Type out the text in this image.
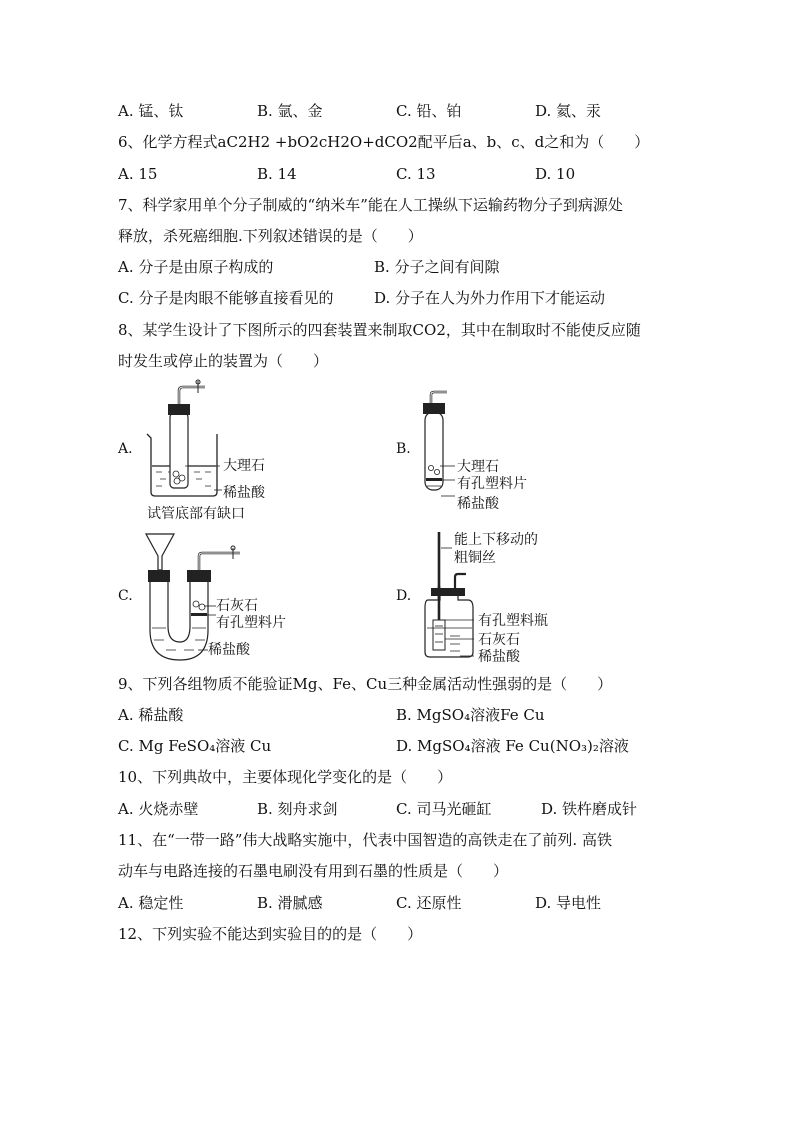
A. 锰、钛	B. 氩、金	C. 铅、铂	D. 氦、汞
6、化学方程式aC2H2 +bO2cH2O+dCO2配平后a、b、c、d之和为（　　）
A. 15	B. 14	C. 13	D. 10
7、科学家用单个分子制威的“纳米车”能在人工操纵下运输药物分子到病源处
释放，杀死癌细胞.下列叙述错误的是（　　）
A. 分子是由原子构成的	B. 分子之间有间隙
C. 分子是肉眼不能够直接看见的	D. 分子在人为外力作用下才能运动
8、某学生设计了下图所示的四套装置来制取CO2，其中在制取时不能使反应随
时发生或停止的装置为（　　）
A.
大理石
稀盐酸
试管底部有缺口
B.
大理石
有孔塑料片
稀盐酸
C.
石灰石
有孔塑料片
稀盐酸
D.
能上下移动的
粗铜丝
有孔塑料瓶
石灰石
稀盐酸
9、下列各组物质不能验证Mg、Fe、Cu三种金属活动性强弱的是（　　）
A. 稀盐酸	B. MgSO₄溶液Fe Cu
C. Mg FeSO₄溶液 Cu	D. MgSO₄溶液 Fe Cu(NO₃)₂溶液
10、下列典故中，主要体现化学变化的是（　　）
A. 火烧赤壁	B. 刻舟求剑	C. 司马光砸缸	D. 铁杵磨成针
11、在“一带一路”伟大战略实施中，代表中国智造的高铁走在了前列. 高铁
动车与电路连接的石墨电刷没有用到石墨的性质是（　　）
A. 稳定性	B. 滑腻感	C. 还原性	D. 导电性
12、下列实验不能达到实验目的的是（　　）
